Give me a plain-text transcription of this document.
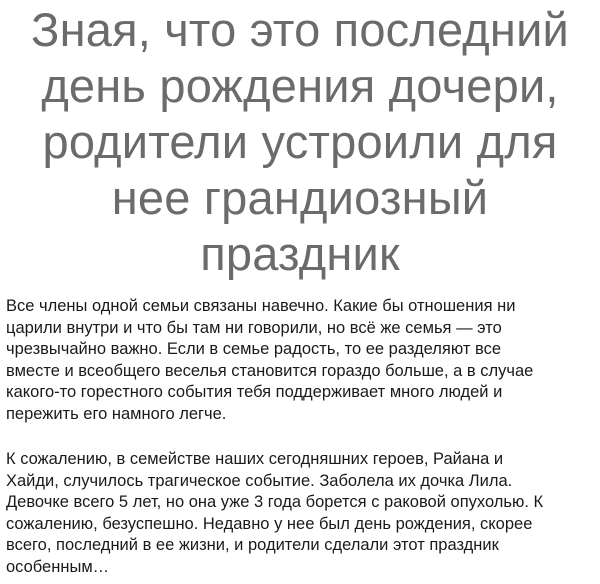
Зная, что это последний
день рождения дочери,
родители устроили для
нее грандиозный
праздник

Все члены одной семьи связаны навечно. Какие бы отношения ни
царили внутри и что бы там ни говорили, но всё же семья — это
чрезвычайно важно. Если в семье радость, то ее разделяют все
вместе и всеобщего веселья становится гораздо больше, а в случае
какого-то горестного события тебя поддерживает много людей и
пережить его намного легче.

К сожалению, в семействе наших сегодняшних героев, Райана и
Хайди, случилось трагическое событие. Заболела их дочка Лила.
Девочке всего 5 лет, но она уже 3 года борется с раковой опухолью. К
сожалению, безуспешно. Недавно у нее был день рождения, скорее
всего, последний в ее жизни, и родители сделали этот праздник
особенным…
